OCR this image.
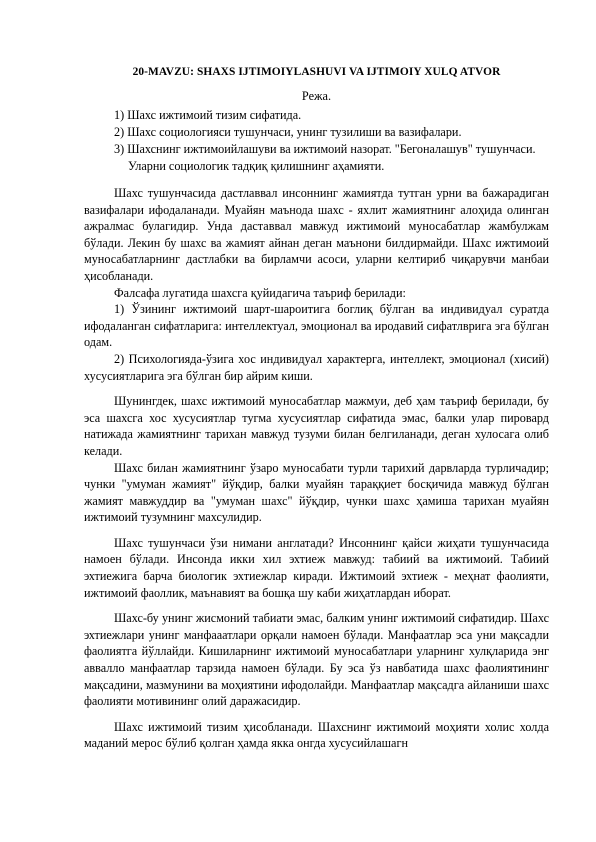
20-MAVZU: SHAXS IJTIMOIYLASHUVI VA IJTIMOIY XULQ ATVOR
Режа.
1) Шахс ижтимоий тизим сифатида.
2) Шахс социологияси тушунчаси, унинг тузилиши ва вазифалари.
3) Шахснинг ижтимоийлашуви ва ижтимоий назорат. "Бегоналашув" тушунчаси. Уларни социологик тадқиқ қилишнинг аҳамияти.

Шахс тушунчасида дастлаввал инсоннинг жамиятда тутган урни ва бажарадиган вазифалари ифодаланади. Муайян маънода шахс - яхлит жамиятнинг алоҳида олинган ажралмас булагидир. Унда даставвал мавжуд ижтимоий муносабатлар жамбулжам бўлади. Лекин бу шахс ва жамият айнан деган маънони билдирмайди. Шахс ижтимоий муносабатларнинг дастлабки ва бирламчи асоси, уларни келтириб чиқарувчи манбаи ҳисобланади.

Фалсафа лугатида шахсга қуйидагича таъриф берилади:

1) Ўзининг ижтимоий шарт-шароитига боглиқ бўлган ва индивидуал суратда ифодаланган сифатларига: интеллектуал, эмоционал ва иродавий сифатлврига эга бўлган одам.

2) Психологияда-ўзига хос индивидуал характерга, интеллект, эмоционал (хисий) хусусиятларига эга бўлган бир айрим киши.

Шунингдек, шахс ижтимоий муносабатлар мажмуи, деб ҳам таъриф берилади, бу эса шахсга хос хусусиятлар тугма хусусиятлар сифатида эмас, балки улар пировард натижада жамиятнинг тарихан мавжуд тузуми билан белгиланади, деган хулосага олиб келади.

Шахс билан жамиятнинг ўзаро муносабати турли тарихий дарвларда турличадир; чунки "умуман жамият" йўқдир, балки муайян тараққиет босқичида мавжуд бўлган жамият мавжуддир ва "умуман шахс" йўқдир, чунки шахс ҳамиша тарихан муайян ижтимоий тузумнинг махсулидир.

Шахс тушунчаси ўзи нимани англатади? Инсоннинг қайси жиҳати тушунчасида намоен бўлади. Инсонда икки хил эхтиеж мавжуд: табиий ва ижтимоий. Табиий эхтиежига барча биологик эхтиежлар киради. Ижтимоий эхтиеж - меҳнат фаолияти, ижтимоий фаоллик, маънавият ва бошқа шу каби жиҳатлардан иборат.

Шахс-бу унинг жисмоний табиати эмас, балким унинг ижтимоий сифатидир. Шахс эхтиежлари унинг манфааатлари орқали намоен бўлади. Манфаатлар эса уни мақсадли фаолиятга йўллайди. Кишиларнинг ижтимоий муносабатлари уларнинг хулқларида энг аввалло манфаатлар тарзида намоен бўлади. Бу эса ўз навбатида шахс фаолиятининг мақсадини, мазмунини ва моҳиятини ифодолайди. Манфаатлар мақсадга айланиши шахс фаолияти мотивининг олий даражасидир.

Шахс ижтимоий тизим ҳисобланади. Шахснинг ижтимоий моҳияти холис холда маданий мерос бўлиб қолган ҳамда якка онгда хусусийлашагн
